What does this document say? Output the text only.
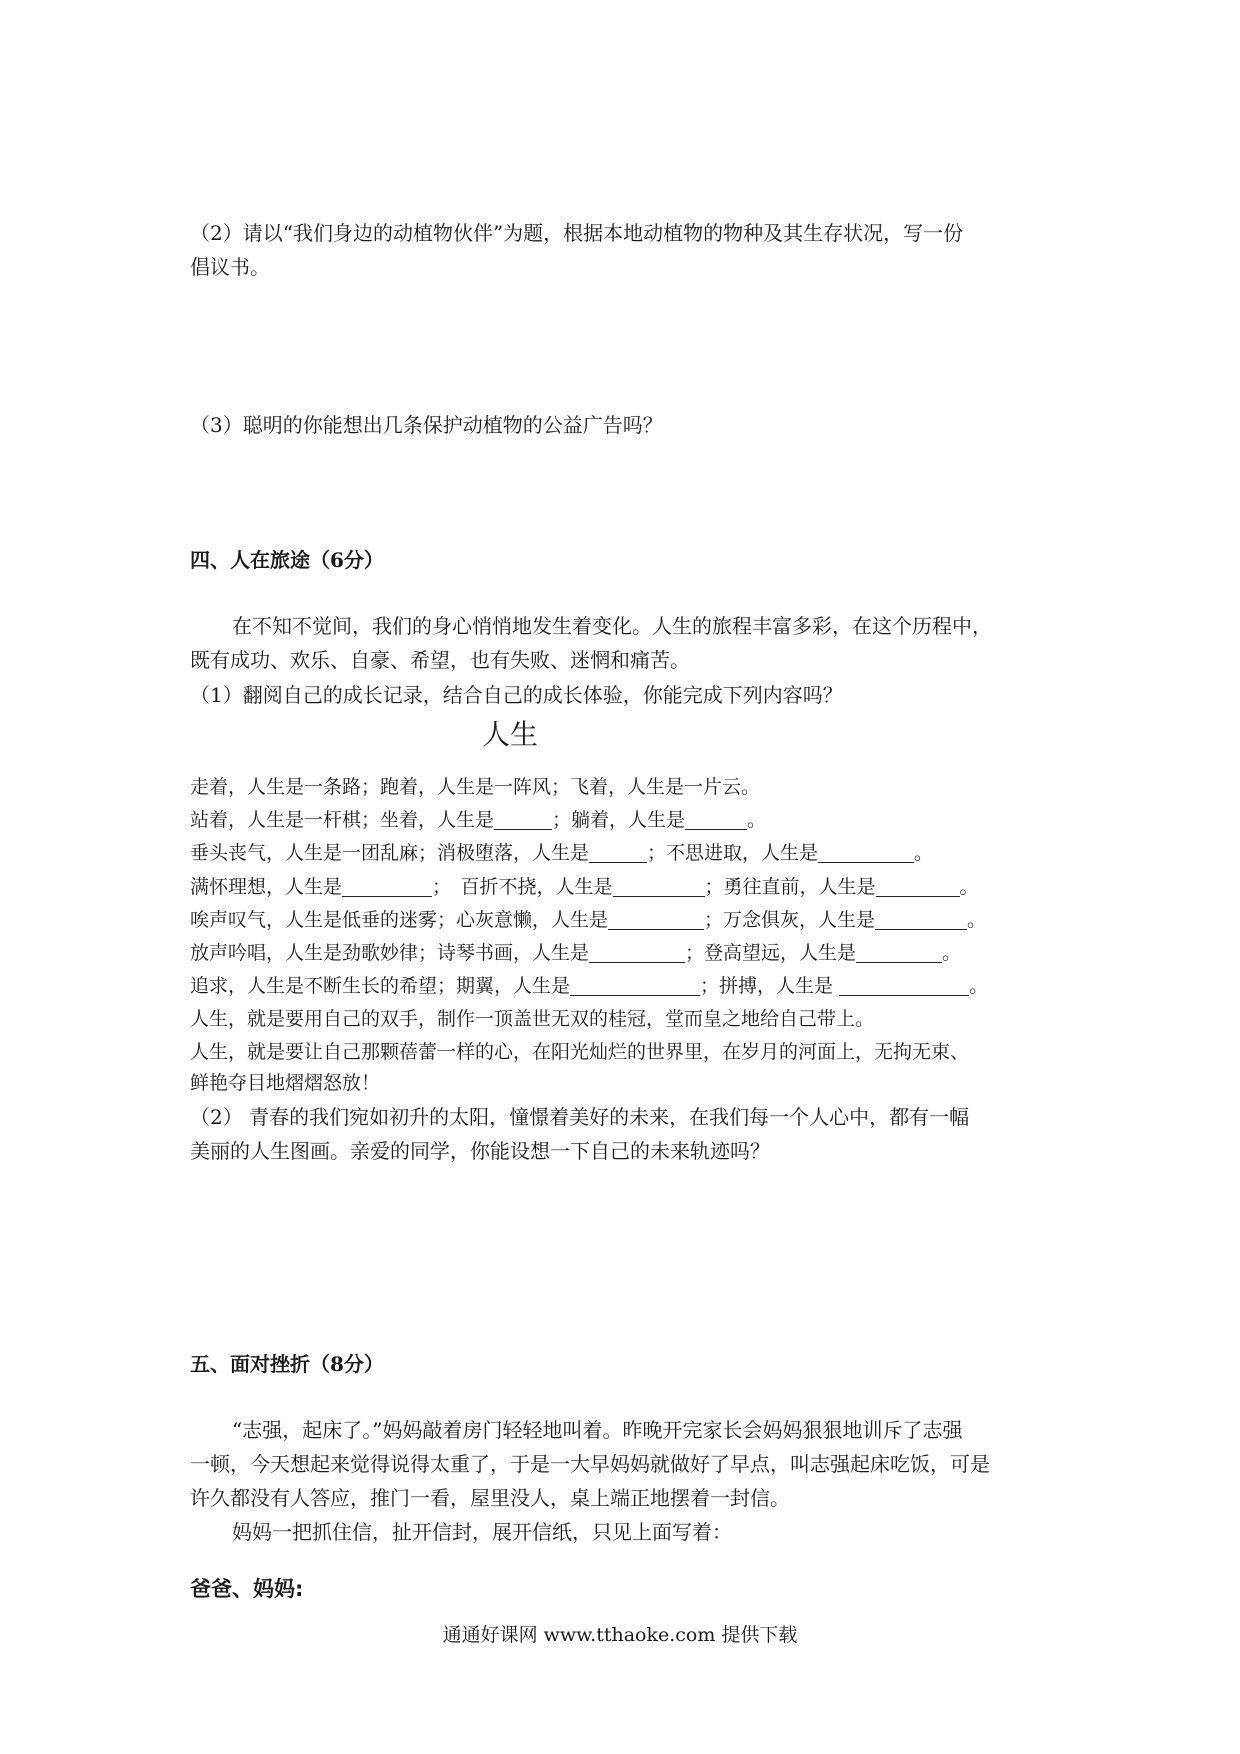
（2）请以“我们身边的动植物伙伴”为题，根据本地动植物的物种及其生存状况，写一份
倡议书。
（3）聪明的你能想出几条保护动植物的公益广告吗？
四、人在旅途（6分）
在不知不觉间，我们的身心悄悄地发生着变化。人生的旅程丰富多彩，在这个历程中，
既有成功、欢乐、自豪、希望，也有失败、迷惘和痛苦。
（1）翻阅自己的成长记录，结合自己的成长体验，你能完成下列内容吗？
人生
走着，人生是一条路；跑着，人生是一阵风；飞着，人生是一片云。
站着，人生是一杆棋；坐着，人生是	；躺着，人生是	。
垂头丧气，人生是一团乱麻；消极堕落，人生是	；不思进取，人生是	。
满怀理想，人生是	；　百折不挠，人生是	；勇往直前，人生是	。
唉声叹气，人生是低垂的迷雾；心灰意懒，人生是	；万念俱灰，人生是	。
放声吟唱，人生是劲歌妙律；诗琴书画，人生是	；登高望远，人生是	。
追求，人生是不断生长的希望；期翼，人生是	；拼搏，人生是	。
人生，就是要用自己的双手，制作一顶盖世无双的桂冠，堂而皇之地给自己带上。
人生，就是要让自己那颗蓓蕾一样的心，在阳光灿烂的世界里，在岁月的河面上，无拘无束、
鲜艳夺目地熠熠怒放！
（2） 青春的我们宛如初升的太阳，憧憬着美好的未来，在我们每一个人心中，都有一幅
美丽的人生图画。亲爱的同学，你能设想一下自己的未来轨迹吗？
五、面对挫折（8分）
“志强，起床了。”妈妈敲着房门轻轻地叫着。昨晚开完家长会妈妈狠狠地训斥了志强
一顿，今天想起来觉得说得太重了，于是一大早妈妈就做好了早点，叫志强起床吃饭，可是
许久都没有人答应，推门一看，屋里没人，桌上端正地摆着一封信。
妈妈一把抓住信，扯开信封，展开信纸，只见上面写着：
爸爸、妈妈:
通通好课网 www.tthaoke.com 提供下载
